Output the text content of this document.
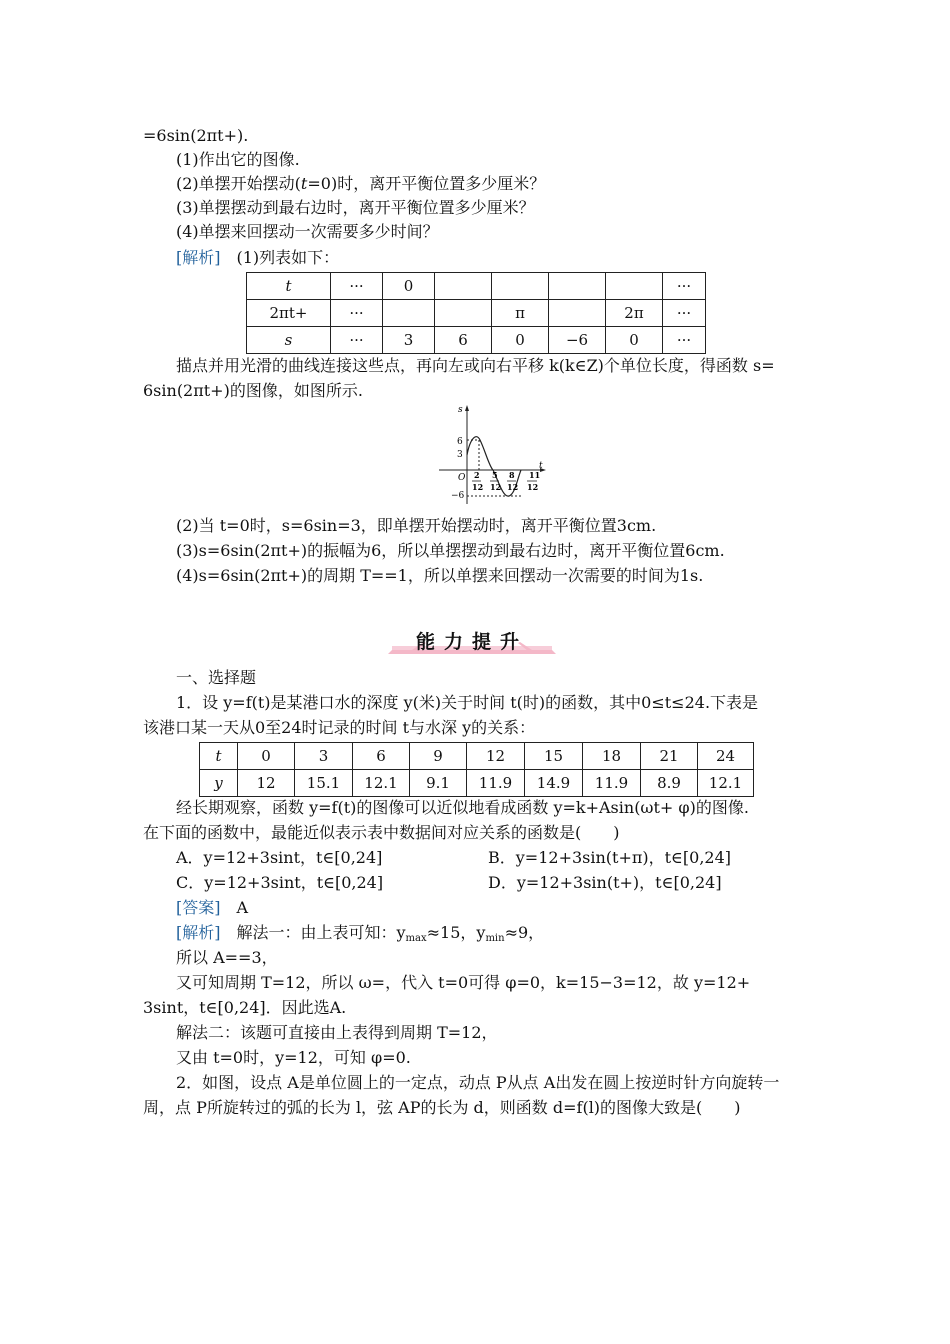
=6sin(2πt+).
(1)作出它的图像.
(2)单摆开始摆动(t=0)时，离开平衡位置多少厘米？
(3)单摆摆动到最右边时，离开平衡位置多少厘米？
(4)单摆来回摆动一次需要多少时间？
[解析] (1)列表如下：
t	···	0					···
2πt+	···			π		2π	···
s	···	3	6	0	−6	0	···
描点并用光滑的曲线连接这些点，再向左或向右平移 k(k∈Z)个单位长度，得函数 s=
6sin(2πt+)的图像，如图所示.
s
t
O
6
3
−6
2
12
5
12
8
12
11
12
(2)当 t=0时，s=6sin=3，即单摆开始摆动时，离开平衡位置3cm.
(3)s=6sin(2πt+)的振幅为6，所以单摆摆动到最右边时，离开平衡位置6cm.
(4)s=6sin(2πt+)的周期 T==1，所以单摆来回摆动一次需要的时间为1s.
能力提升
一、选择题
1．设 y=f(t)是某港口水的深度 y(米)关于时间 t(时)的函数，其中0≤t≤24.下表是
该港口某一天从0至24时记录的时间 t与水深 y的关系：
t	0	3	6	9	12	15	18	21	24
y	12	15.1	12.1	9.1	11.9	14.9	11.9	8.9	12.1
经长期观察，函数 y=f(t)的图像可以近似地看成函数 y=k+Asin(ωt+ φ)的图像.
在下面的函数中，最能近似表示表中数据间对应关系的函数是(　　)
A．y=12+3sint，t∈[0,24]	B．y=12+3sin(t+π)，t∈[0,24]
C．y=12+3sint，t∈[0,24]	D．y=12+3sin(t+)，t∈[0,24]
[答案] A
[解析] 解法一：由上表可知：$y_{max}\approx 15$，$y_{min}\approx 9$，
所以 A==3，
又可知周期 T=12，所以 ω=，代入 t=0可得 φ=0，k=15−3=12，故 y=12+
3sint，t∈[0,24]．因此选A.
解法二：该题可直接由上表得到周期 T=12，
又由 t=0时，y=12，可知 φ=0.
2．如图，设点 A是单位圆上的一定点，动点 P从点 A出发在圆上按逆时针方向旋转一
周，点 P所旋转过的弧的长为 l，弦 AP的长为 d，则函数 d=f(l)的图像大致是(　　)
